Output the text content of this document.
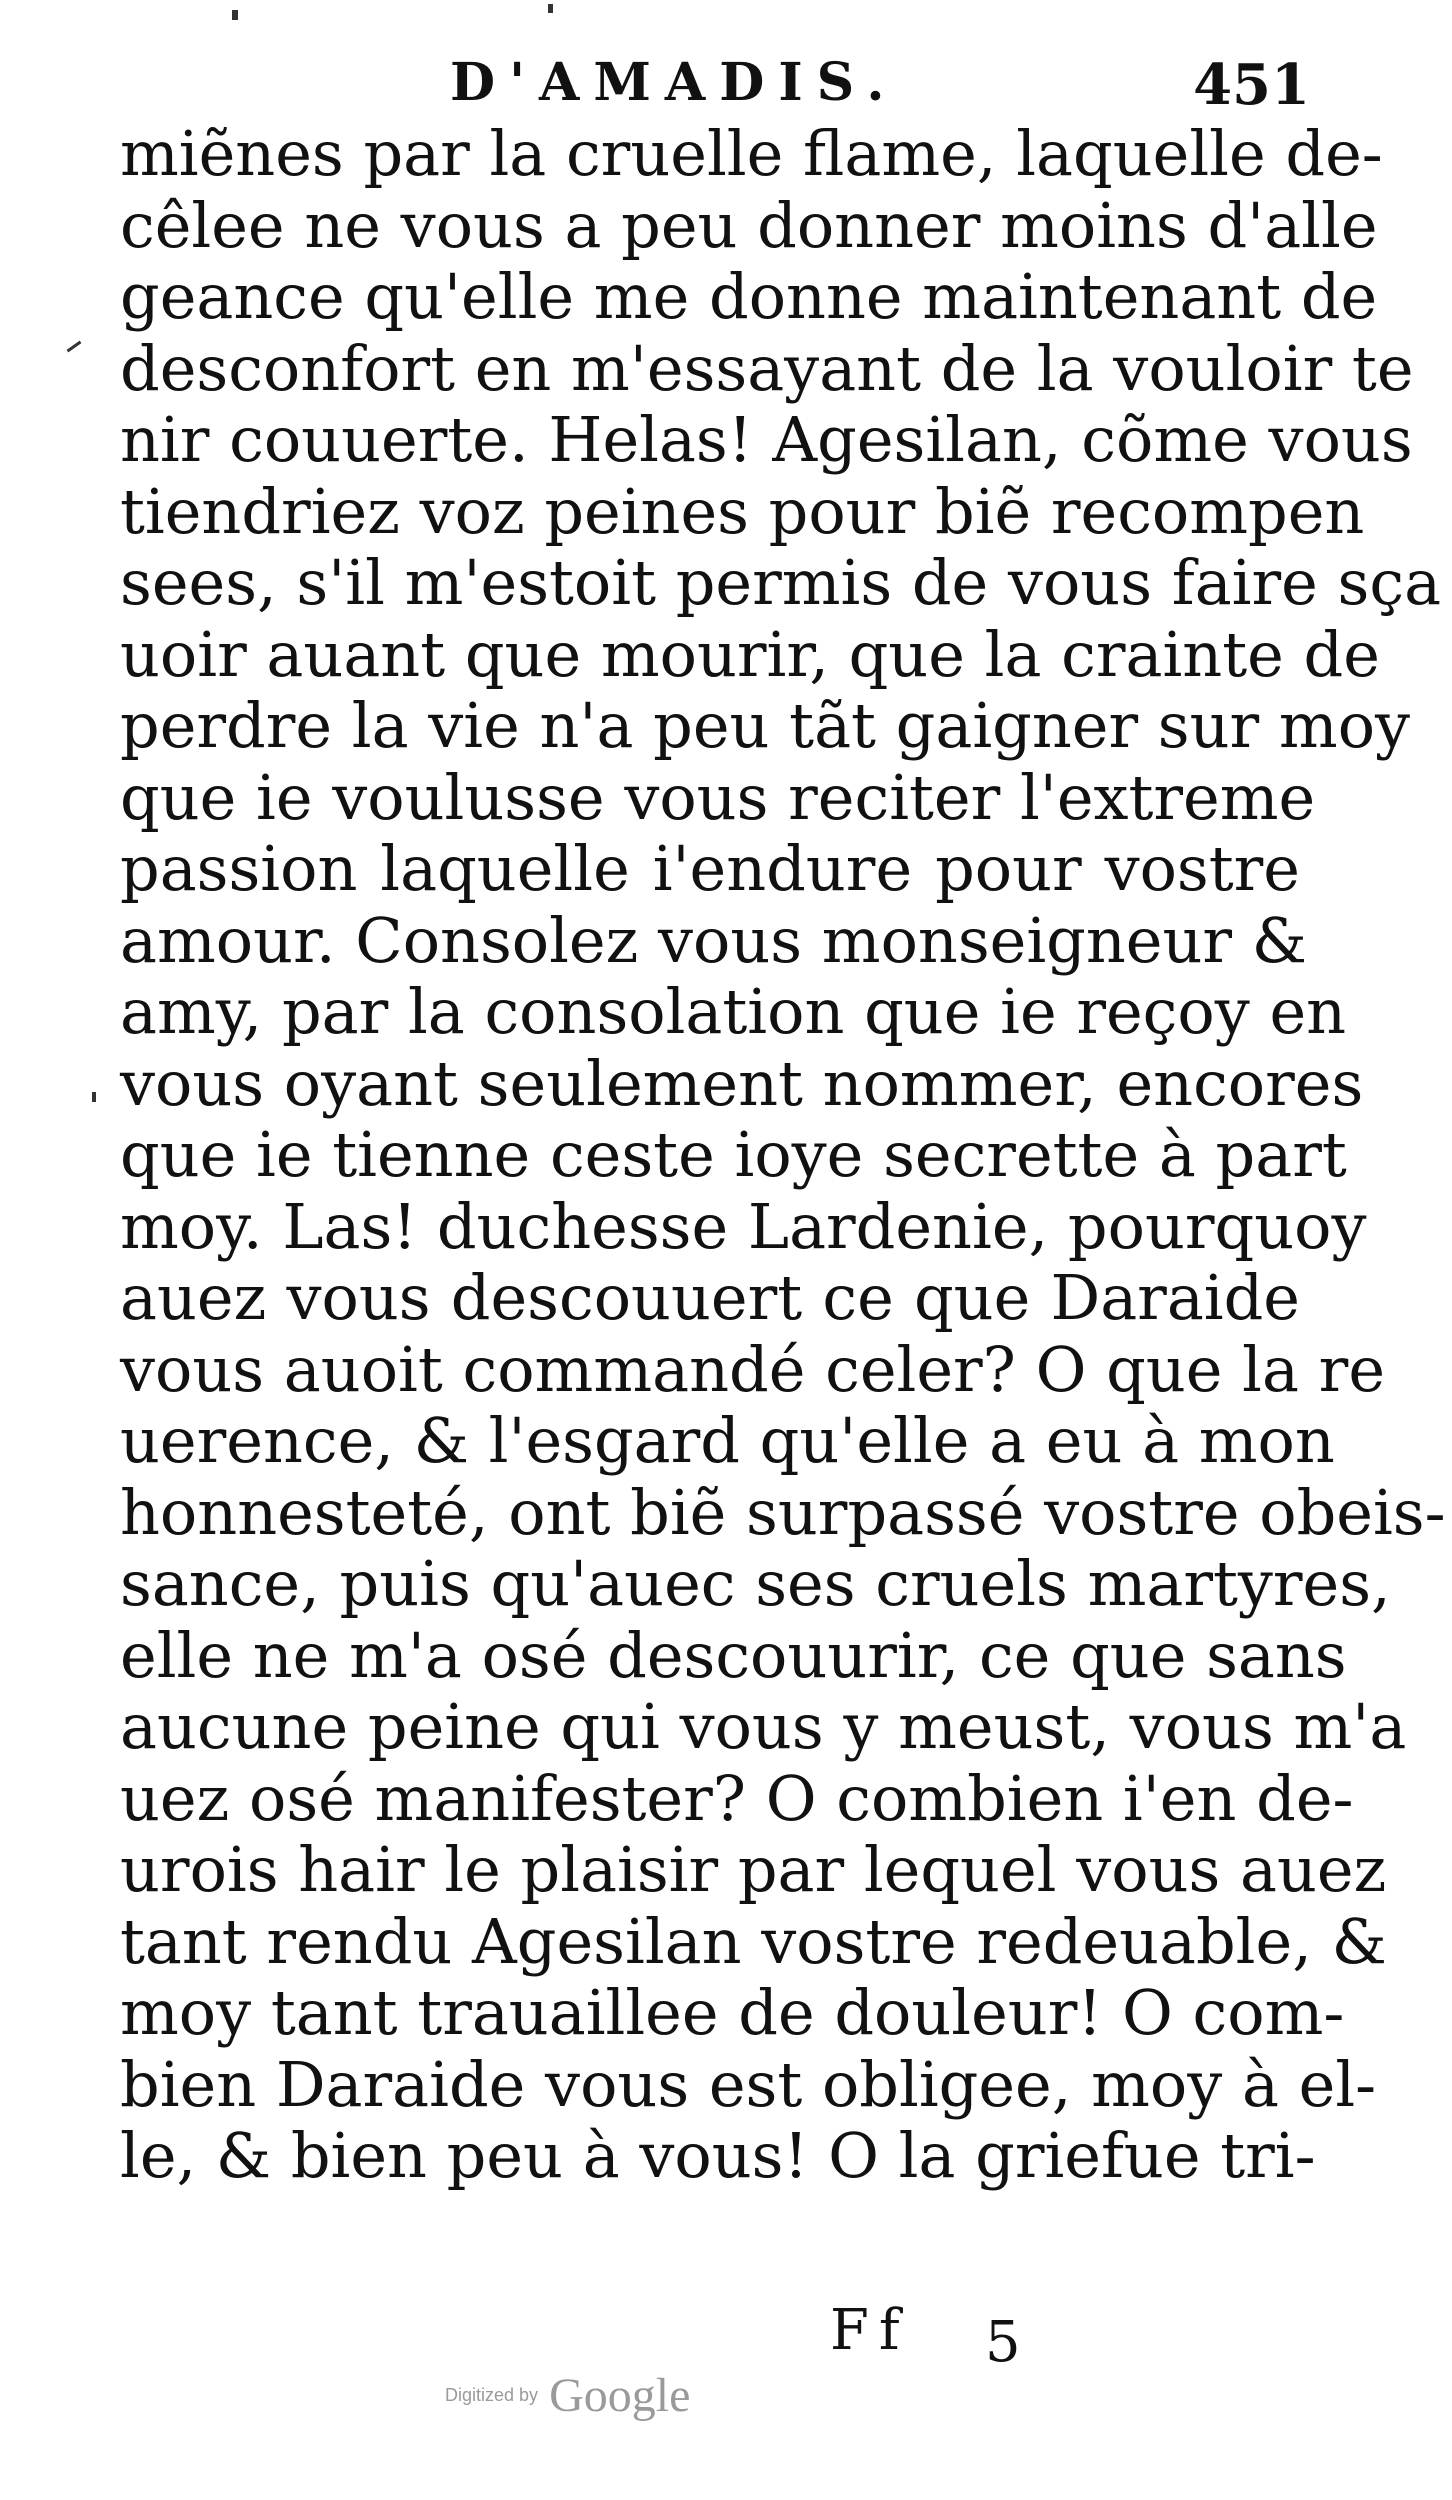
D'AMADIS.	451
miẽnes par la cruelle flame, laquelle de-
cêlee ne vous a peu donner moins d'alle
geance qu'elle me donne maintenant de
desconfort en m'essayant de la vouloir te
nir couuerte. Helas! Agesilan, cõme vous
tiendriez voz peines pour biẽ recompen
sees, s'il m'estoit permis de vous faire sça
uoir auant que mourir, que la crainte de
perdre la vie n'a peu tãt gaigner sur moy
que ie voulusse vous reciter l'extreme
passion laquelle i'endure pour vostre
amour. Consolez vous monseigneur &
amy, par la consolation que ie reçoy en
vous oyant seulement nommer, encores
que ie tienne ceste ioye secrette à part
moy. Las! duchesse Lardenie, pourquoy
auez vous descouuert ce que Daraide
vous auoit commandé celer? O que la re
uerence, & l'esgard qu'elle a eu à mon
honnesteté, ont biẽ surpassé vostre obeis-
sance, puis qu'auec ses cruels martyres,
elle ne m'a osé descouurir, ce que sans
aucune peine qui vous y meust, vous m'a
uez osé manifester? O combien i'en de-
urois hair le plaisir par lequel vous auez
tant rendu Agesilan vostre redeuable, &
moy tant trauaillee de douleur! O com-
bien Daraide vous est obligee, moy à el-
le, & bien peu à vous! O la griefue tri-
Ff 5
Digitized by Google
